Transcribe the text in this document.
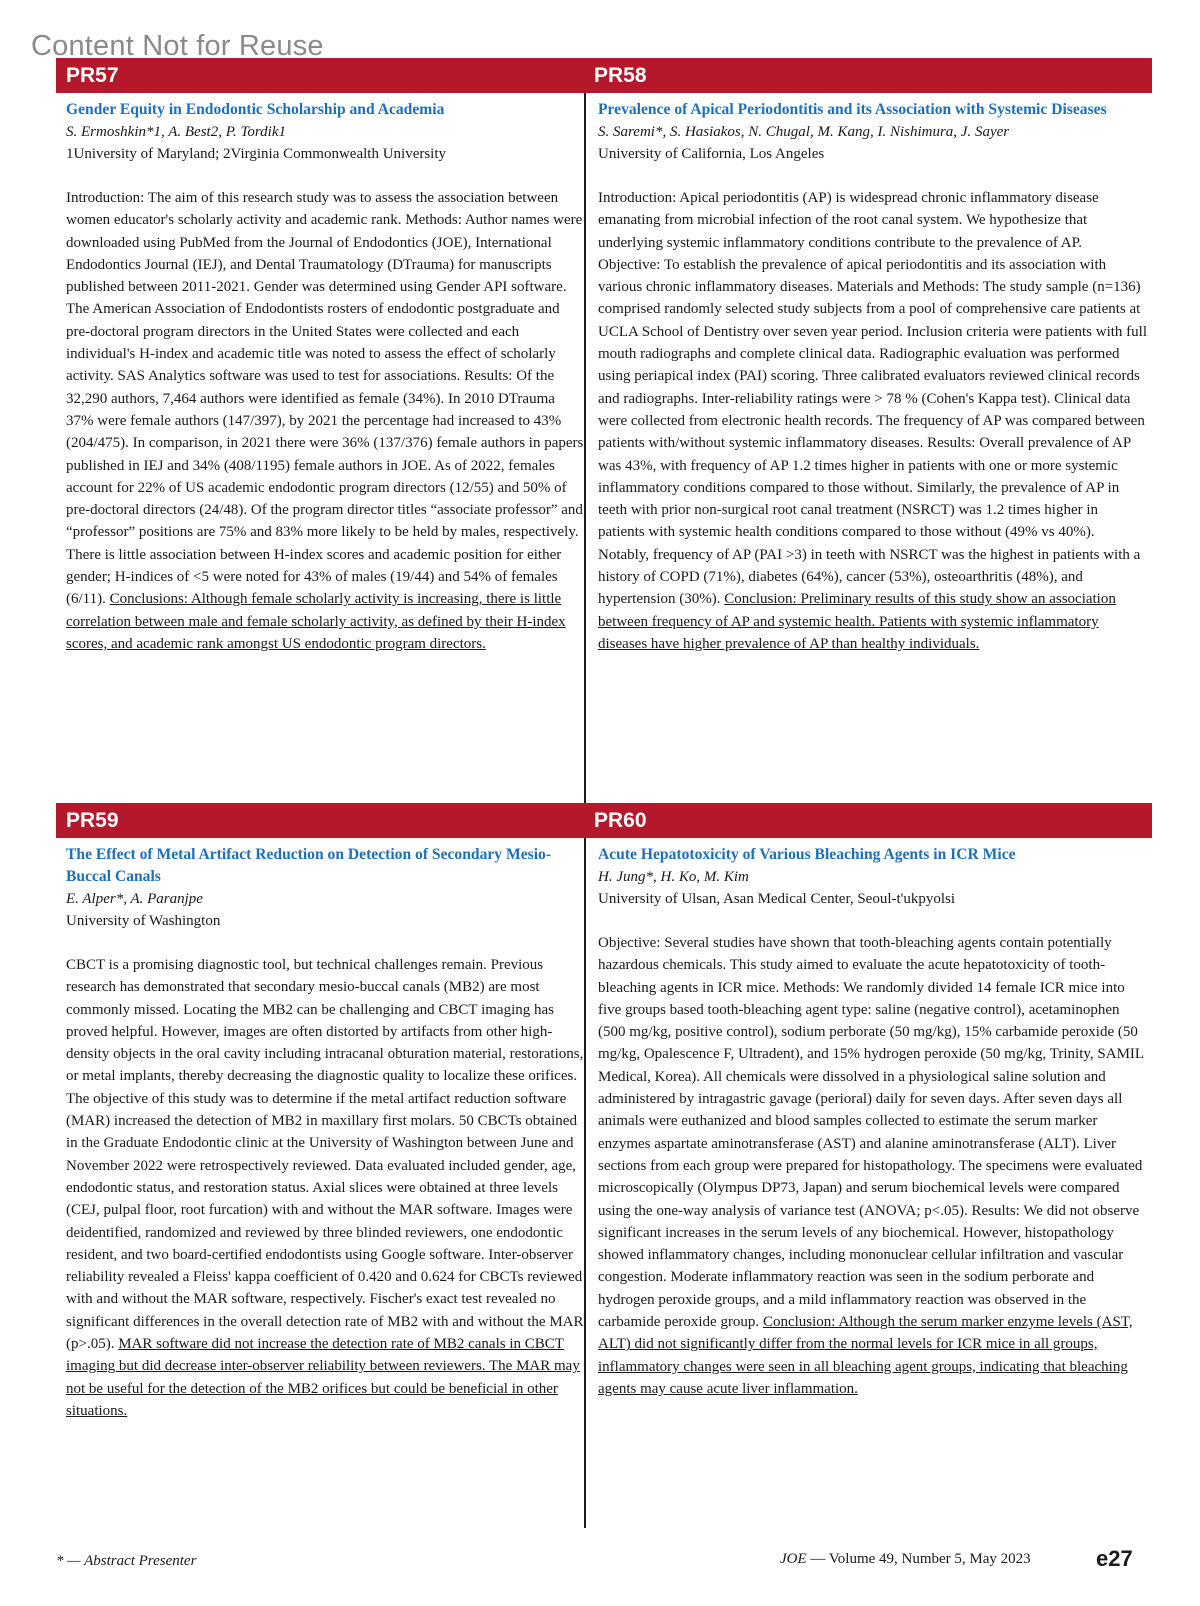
Content Not for Reuse
PR57
Gender Equity in Endodontic Scholarship and Academia
S. Ermoshkin*1, A. Best2, P. Tordik1
1University of Maryland; 2Virginia Commonwealth University
Introduction: The aim of this research study was to assess the association between women educator's scholarly activity and academic rank. Methods: Author names were downloaded using PubMed from the Journal of Endodontics (JOE), International Endodontics Journal (IEJ), and Dental Traumatology (DTrauma) for manuscripts published between 2011-2021. Gender was determined using Gender API software. The American Association of Endodontists rosters of endodontic postgraduate and pre-doctoral program directors in the United States were collected and each individual's H-index and academic title was noted to assess the effect of scholarly activity. SAS Analytics software was used to test for associations. Results: Of the 32,290 authors, 7,464 authors were identified as female (34%). In 2010 DTrauma 37% were female authors (147/397), by 2021 the percentage had increased to 43% (204/475). In comparison, in 2021 there were 36% (137/376) female authors in papers published in IEJ and 34% (408/1195) female authors in JOE. As of 2022, females account for 22% of US academic endodontic program directors (12/55) and 50% of pre-doctoral directors (24/48). Of the program director titles “associate professor” and “professor” positions are 75% and 83% more likely to be held by males, respectively. There is little association between H-index scores and academic position for either gender; H-indices of <5 were noted for 43% of males (19/44) and 54% of females (6/11). Conclusions: Although female scholarly activity is increasing, there is little correlation between male and female scholarly activity, as defined by their H-index scores, and academic rank amongst US endodontic program directors.
PR58
Prevalence of Apical Periodontitis and its Association with Systemic Diseases
S. Saremi*, S. Hasiakos, N. Chugal, M. Kang, I. Nishimura, J. Sayer
University of California, Los Angeles
Introduction: Apical periodontitis (AP) is widespread chronic inflammatory disease emanating from microbial infection of the root canal system. We hypothesize that underlying systemic inflammatory conditions contribute to the prevalence of AP. Objective: To establish the prevalence of apical periodontitis and its association with various chronic inflammatory diseases. Materials and Methods: The study sample (n=136) comprised randomly selected study subjects from a pool of comprehensive care patients at UCLA School of Dentistry over seven year period. Inclusion criteria were patients with full mouth radiographs and complete clinical data. Radiographic evaluation was performed using periapical index (PAI) scoring. Three calibrated evaluators reviewed clinical records and radiographs. Inter-reliability ratings were > 78 % (Cohen's Kappa test). Clinical data were collected from electronic health records. The frequency of AP was compared between patients with/without systemic inflammatory diseases. Results: Overall prevalence of AP was 43%, with frequency of AP 1.2 times higher in patients with one or more systemic inflammatory conditions compared to those without. Similarly, the prevalence of AP in teeth with prior non-surgical root canal treatment (NSRCT) was 1.2 times higher in patients with systemic health conditions compared to those without (49% vs 40%). Notably, frequency of AP (PAI >3) in teeth with NSRCT was the highest in patients with a history of COPD (71%), diabetes (64%), cancer (53%), osteoarthritis (48%), and hypertension (30%). Conclusion: Preliminary results of this study show an association between frequency of AP and systemic health. Patients with systemic inflammatory diseases have higher prevalence of AP than healthy individuals.
PR59
The Effect of Metal Artifact Reduction on Detection of Secondary Mesio-Buccal Canals
E. Alper*, A. Paranjpe
University of Washington
CBCT is a promising diagnostic tool, but technical challenges remain. Previous research has demonstrated that secondary mesio-buccal canals (MB2) are most commonly missed. Locating the MB2 can be challenging and CBCT imaging has proved helpful. However, images are often distorted by artifacts from other high-density objects in the oral cavity including intracanal obturation material, restorations, or metal implants, thereby decreasing the diagnostic quality to localize these orifices. The objective of this study was to determine if the metal artifact reduction software (MAR) increased the detection of MB2 in maxillary first molars. 50 CBCTs obtained in the Graduate Endodontic clinic at the University of Washington between June and November 2022 were retrospectively reviewed. Data evaluated included gender, age, endodontic status, and restoration status. Axial slices were obtained at three levels (CEJ, pulpal floor, root furcation) with and without the MAR software. Images were deidentified, randomized and reviewed by three blinded reviewers, one endodontic resident, and two board-certified endodontists using Google software. Inter-observer reliability revealed a Fleiss' kappa coefficient of 0.420 and 0.624 for CBCTs reviewed with and without the MAR software, respectively. Fischer's exact test revealed no significant differences in the overall detection rate of MB2 with and without the MAR (p>.05). MAR software did not increase the detection rate of MB2 canals in CBCT imaging but did decrease inter-observer reliability between reviewers. The MAR may not be useful for the detection of the MB2 orifices but could be beneficial in other situations.
PR60
Acute Hepatotoxicity of Various Bleaching Agents in ICR Mice
H. Jung*, H. Ko, M. Kim
University of Ulsan, Asan Medical Center, Seoul-t'ukpyolsi
Objective: Several studies have shown that tooth-bleaching agents contain potentially hazardous chemicals. This study aimed to evaluate the acute hepatotoxicity of tooth-bleaching agents in ICR mice. Methods: We randomly divided 14 female ICR mice into five groups based tooth-bleaching agent type: saline (negative control), acetaminophen (500 mg/kg, positive control), sodium perborate (50 mg/kg), 15% carbamide peroxide (50 mg/kg, Opalescence F, Ultradent), and 15% hydrogen peroxide (50 mg/kg, Trinity, SAMIL Medical, Korea). All chemicals were dissolved in a physiological saline solution and administered by intragastric gavage (perioral) daily for seven days. After seven days all animals were euthanized and blood samples collected to estimate the serum marker enzymes aspartate aminotransferase (AST) and alanine aminotransferase (ALT). Liver sections from each group were prepared for histopathology. The specimens were evaluated microscopically (Olympus DP73, Japan) and serum biochemical levels were compared using the one-way analysis of variance test (ANOVA; p<.05). Results: We did not observe significant increases in the serum levels of any biochemical. However, histopathology showed inflammatory changes, including mononuclear cellular infiltration and vascular congestion. Moderate inflammatory reaction was seen in the sodium perborate and hydrogen peroxide groups, and a mild inflammatory reaction was observed in the carbamide peroxide group. Conclusion: Although the serum marker enzyme levels (AST, ALT) did not significantly differ from the normal levels for ICR mice in all groups, inflammatory changes were seen in all bleaching agent groups, indicating that bleaching agents may cause acute liver inflammation.
* — Abstract Presenter	JOE — Volume 49, Number 5, May 2023	e27
